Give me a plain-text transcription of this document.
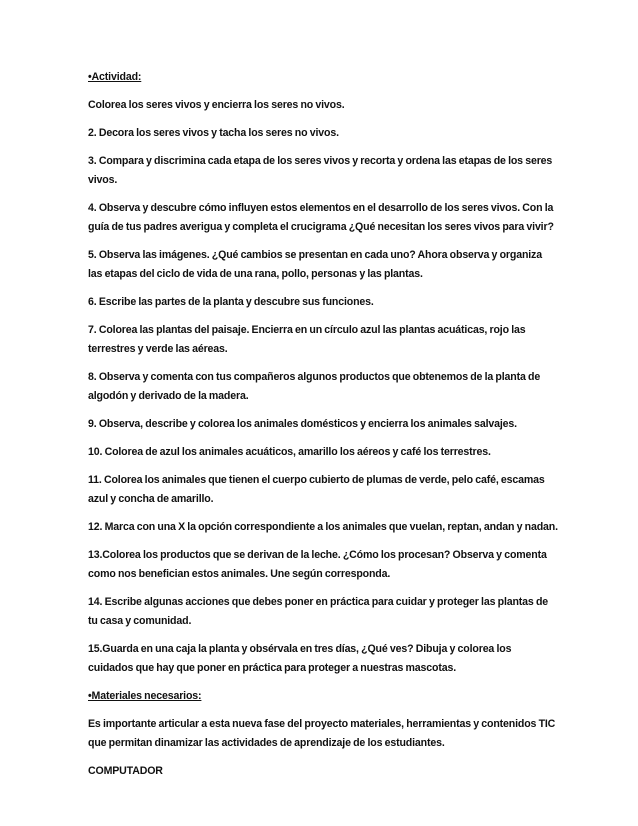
•Actividad:

Colorea los seres vivos y encierra los seres no vivos.

2. Decora los seres vivos y tacha los seres no vivos.

3. Compara y discrimina cada etapa de los seres vivos y recorta y ordena las etapas de los seres vivos.

4. Observa y descubre cómo influyen estos elementos en el desarrollo de los seres vivos. Con la guía de tus padres averigua y completa el crucigrama ¿Qué necesitan los seres vivos para vivir?

5. Observa las imágenes. ¿Qué cambios se presentan en cada uno? Ahora observa y organiza las etapas del ciclo de vida de una rana, pollo, personas y las plantas.

6. Escribe las partes de la planta y descubre sus funciones.

7. Colorea las plantas del paisaje. Encierra en un círculo azul las plantas acuáticas, rojo las terrestres y verde las aéreas.

8. Observa y comenta con tus compañeros algunos productos que obtenemos de la planta de algodón y derivado de la madera.

9. Observa, describe y colorea los animales domésticos y encierra los animales salvajes.

10. Colorea de azul los animales acuáticos, amarillo los aéreos y café los terrestres.

11. Colorea los animales que tienen el cuerpo cubierto de plumas de verde, pelo café, escamas azul y concha de amarillo.

12. Marca con una X la opción correspondiente a los animales que vuelan, reptan, andan y nadan.

13.Colorea los productos que se derivan de la leche. ¿Cómo los procesan? Observa y comenta como nos benefician estos animales. Une según corresponda.

14. Escribe algunas acciones que debes poner en práctica para cuidar y proteger las plantas de tu casa y comunidad.

15.Guarda en una caja la planta y obsérvala en tres días, ¿Qué ves? Dibuja y colorea los cuidados que hay que poner en práctica para proteger a nuestras mascotas.

•Materiales necesarios:

Es importante articular a esta nueva fase del proyecto materiales, herramientas y contenidos TIC que permitan dinamizar las actividades de aprendizaje de los estudiantes.

COMPUTADOR
